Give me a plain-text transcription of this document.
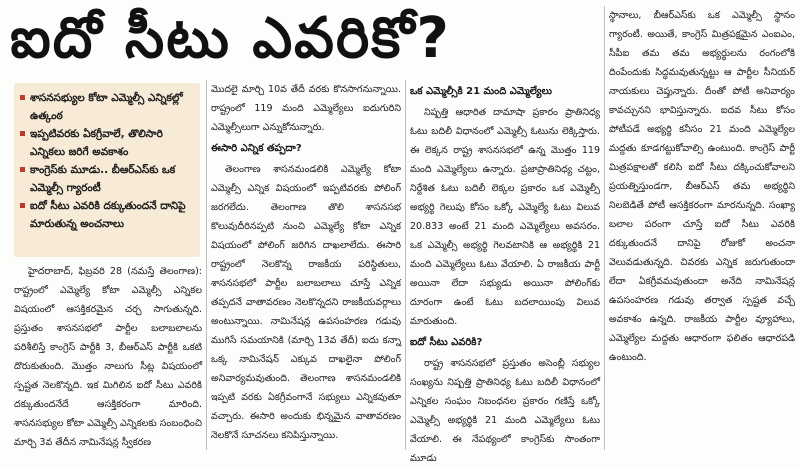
ఐదో సీటు ఎవరికో?
శాసనసభ్యుల కోటా ఎమ్మెల్సీ ఎన్నికల్లో ఉత్కంఠ
ఇప్పటివరకు ఏకగ్రీవాలే, తొలిసారి ఎన్నికలు జరిగే అవకాశం
కాంగ్రెస్‌కు మూడు.. బీఆర్‌ఎస్‌కు ఒక ఎమ్మెల్సీ గ్యారంటీ
ఐదో సీటు ఎవరికి దక్కుతుందనే దానిపై మారుతున్న అంచనాలు

హైదరాబాద్, ఫిబ్రవరి 28 (నమస్తే తెలంగాణ): రాష్ట్రంలో ఎమ్మెల్యే కోటా ఎమ్మెల్సీ ఎన్నికల విషయంలో ఆసక్తికరమైన చర్చ సాగుతున్నది. ప్రస్తుతం శాసనసభలో పార్టీల బలాబలాలను పరిశీలిస్తే కాంగ్రెస్ పార్టీకి 3, బీఆర్‌ఎస్ పార్టీకి ఒకటి దొరుకుతుంది. మొత్తం నాలుగు సీట్ల విషయంలో స్పష్టత నెలకొన్నది. ఇక మిగిలిన ఐదో సీటు ఎవరికి దక్కుతుందనేదే ఆసక్తికరంగా మారింది. శాసనసభ్యుల కోటా ఎమ్మెల్సీ ఎన్నికలకు సంబంధించి మార్చి 3వ తేదీన నామినేషన్ల స్వీకరణ

మొదలై మార్చి 10వ తేదీ వరకు కొనసాగనున్నాయి. రాష్ట్రంలో 119 మంది ఎమ్మెల్యేలు ఐదుగురిని ఎమ్మెల్సీలుగా ఎన్నుకోనున్నారు.

ఈసారి ఎన్నిక తప్పదా?

తెలంగాణ శాసనమండలికి ఎమ్మెల్యే కోటా ఎమ్మెల్సీ ఎన్నిక విషయంలో ఇప్పటివరకు పోలింగ్ జరగలేదు. తెలంగాణ తొలి శాసనసభ కొలువుదీరినప్పటి నుంచి ఎమ్మెల్యే కోటా ఎన్నిక విషయంలో పోలింగ్ జరిగిన దాఖలాలేదు. ఈసారి రాష్ట్రంలో నెలకొన్న రాజకీయ పరిస్థితులు, శాసనసభలో పార్టీల బలాబలాలు చూస్తే ఎన్నిక తప్పదనే వాతావరణం నెలకొన్నదని రాజకీయవర్గాలు అంటున్నాయి. నామినేషన్ల ఉపసంహరణ గడువు ముగిసే సమయానికి (మార్చి 13వ తేదీ) ఐదు కన్నా ఒక్క నామినేషన్ ఎక్కువ దాఖలైనా పోలింగ్ అనివార్యమవుతుంది. తెలంగాణ శాసనమండలికి ఇప్పటి వరకు ఏకగ్రీవంగానే సభ్యులు ఎన్నికవుతూ వచ్చారు. ఈసారి అందుకు భిన్నమైన వాతావరణం నెలకొనే సూచనలు కనిపిస్తున్నాయి.

ఒక ఎమ్మెల్సీకి 21 మంది ఎమ్మెల్యేలు

నిష్పత్తి ఆధారిత దామాషా ప్రకారం ప్రాతినిధ్య ఓటు బదిలీ విధానంలో ఎమ్మెల్సీ ఓటును లెక్కిస్తారు. ఈ లెక్కన రాష్ట్ర శాసనసభలో ఉన్న మొత్తం 119 మంది ఎమ్మెల్యేలు ఉన్నారు. ప్రజాప్రాతినిధ్య చట్టం, నిర్దేశిత ఓటు బదిలీ లెక్కల ప్రకారం ఒక ఎమ్మెల్సీ అభ్యర్థి గెలుపు కోసం ఒక్కో ఎమ్మెల్యే ఓటు విలువ 20.833 అంటే 21 మంది ఎమ్మెల్యేలు అవసరం. ఒక ఎమ్మెల్సీ అభ్యర్థి గెలవటానికి ఆ అభ్యర్థికి 21 మంది ఎమ్మెల్యేలు ఓటు వేయాలి. ఏ రాజకీయ పార్టీ అయినా లేదా సభ్యుడు అయినా పోలింగ్‌కు దూరంగా ఉంటే ఓటు బదలాయింపు విలువ మారుతుంది.

ఐదో సీటు ఎవరికి?

రాష్ట్ర శాసనసభలో ప్రస్తుతం అసెంబ్లీ సభ్యుల సంఖ్యను నిష్పత్తి ప్రాతినిధ్య ఓటు బదిలీ విధానంలో ఎన్నికల సంఘం నిబంధనల ప్రకారం గణిస్తే ఒక్కో ఎమ్మెల్సీ అభ్యర్థికి 21 మంది ఎమ్మెల్యేలు ఓటు వేయాలి. ఈ నేపథ్యంలో కాంగ్రెస్‌కు సొంతంగా మూడు

స్థానాలు, బీఆర్‌ఎస్‌కు ఒక ఎమ్మెల్సీ స్థానం గ్యారంటీ. అయితే, కాంగ్రెస్ మిత్రపక్షమైన ఎంఐఎం, సీపీఐ తమ తమ అభ్యర్థులను రంగంలోకి దింపేందుకు సిద్ధమవుతున్నట్టు ఆ పార్టీల సీనియర్ నాయకులు చెప్తున్నారు. దీంతో పోటీ అనివార్యం కావచ్చునని భావిస్తున్నారు. ఐదవ సీటు కోసం పోటీపడే అభ్యర్థి కనీసం 21 మంది ఎమ్మెల్యేల మద్దతు కూడగట్టుకోవాల్సి ఉంటుంది. కాంగ్రెస్ పార్టీ మిత్రపక్షాలతో కలిసి ఐదో సీటు దక్కించుకోవాలని ప్రయత్నిస్తుండగా, బీఆర్‌ఎస్ తమ అభ్యర్థిని నిలబెడితే పోటీ ఆసక్తికరంగా మారనున్నది. సంఖ్యా బలాల పరంగా చూస్తే ఐదో సీటు ఎవరికి దక్కుతుందనే దానిపై రోజుకో అంచనా వెలువడుతున్నది. చివరకు ఎన్నిక జరుగుతుందా లేదా ఏకగ్రీవమవుతుందా అనేది నామినేషన్ల ఉపసంహరణ గడువు తర్వాత స్పష్టత వచ్చే అవకాశం ఉన్నది. రాజకీయ పార్టీల వ్యూహాలు, ఎమ్మెల్యేల మద్దతు ఆధారంగా ఫలితం ఆధారపడి ఉంటుంది.
